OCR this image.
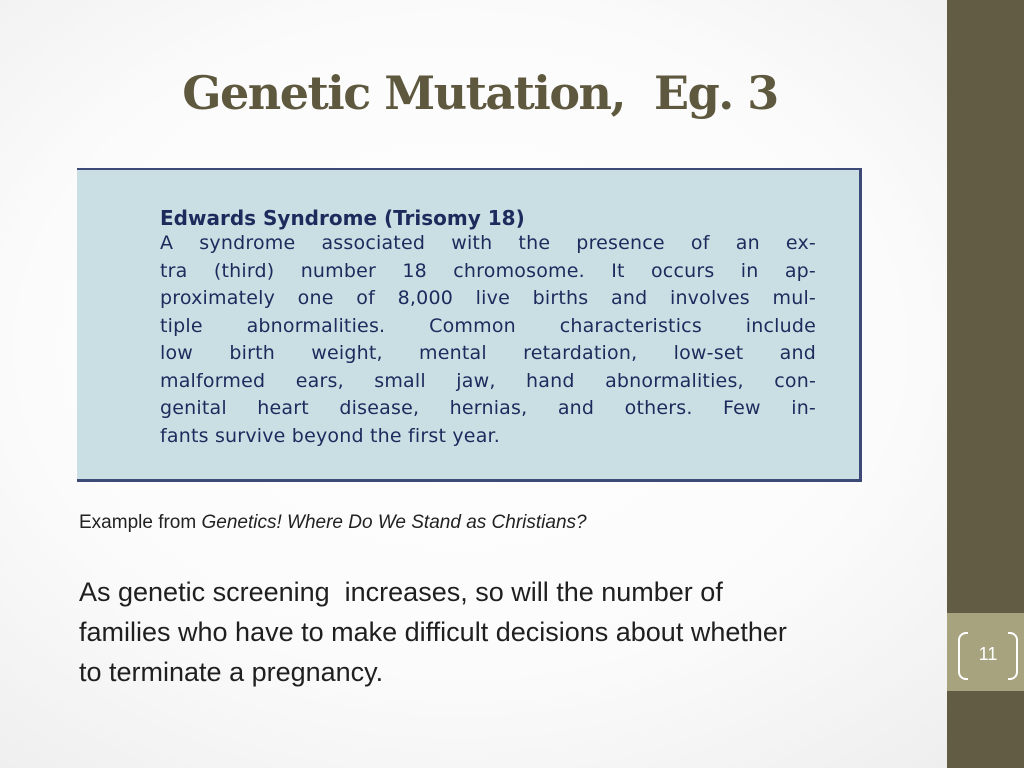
Genetic Mutation,  Eg. 3
Edwards Syndrome (Trisomy 18)
A syndrome associated with the presence of an ex-
tra (third) number 18 chromosome. It occurs in ap-
proximately one of 8,000 live births and involves mul-
tiple abnormalities. Common characteristics include
low birth weight, mental retardation, low-set and
malformed ears, small jaw, hand abnormalities, con-
genital heart disease, hernias, and others. Few in-
fants survive beyond the first year.
Example from Genetics! Where Do We Stand as Christians?
As genetic screening  increases, so will the number of
families who have to make difficult decisions about whether
to terminate a pregnancy.
11
